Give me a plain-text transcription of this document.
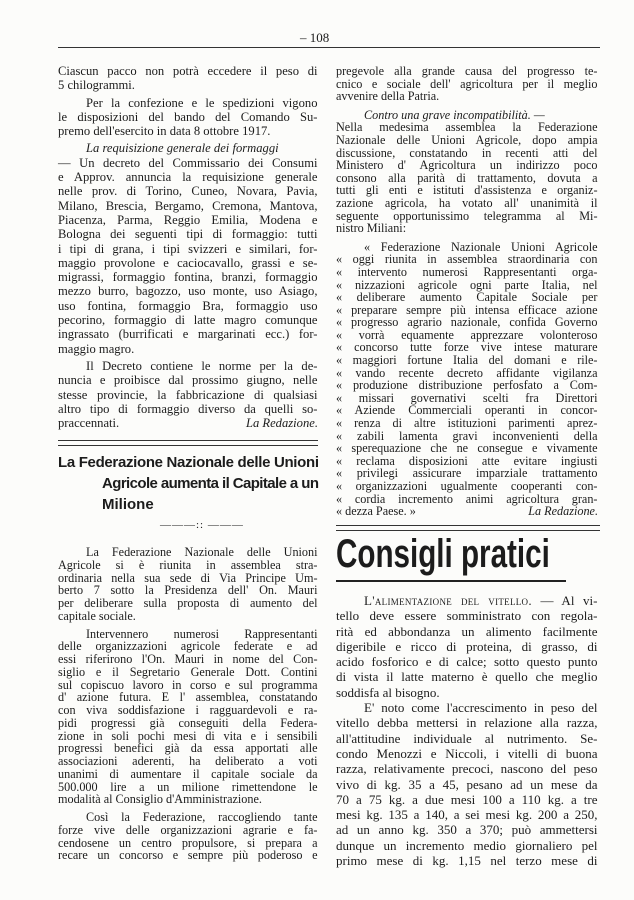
– 108
Ciascun pacco non potrà eccedere il peso di
5 chilogrammi.
Per la confezione e le spedizioni vigono
le disposizioni del bando del Comando Su-
premo dell'esercito in data 8 ottobre 1917.
La requisizione generale dei formaggi
— Un decreto del Commissario dei Consumi
e Approv. annuncia la requisizione generale
nelle prov. di Torino, Cuneo, Novara, Pavia,
Milano, Brescia, Bergamo, Cremona, Mantova,
Piacenza, Parma, Reggio Emilia, Modena e
Bologna dei seguenti tipi di formaggio: tutti
i tipi di grana, i tipi svizzeri e similari, for-
maggio provolone e caciocavallo, grassi e se-
migrassi, formaggio fontina, branzi, formaggio
mezzo burro, bagozzo, uso monte, uso Asiago,
uso fontina, formaggio Bra, formaggio uso
pecorino, formaggio di latte magro comunque
ingrassato (burrificati e margarinati ecc.) for-
maggio magro.
Il Decreto contiene le norme per la de-
nuncia e proibisce dal prossimo giugno, nelle
stesse provincie, la fabbricazione di qualsiasi
altro tipo di formaggio diverso da quelli so-
La Redazione.
praccennati.
La Federazione Nazionale delle Unioni
Agricole aumenta il Capitale a un
Milione
———:: ———
La Federazione Nazionale delle Unioni
Agricole si è riunita in assemblea stra-
ordinaria nella sua sede di Via Principe Um-
berto 7 sotto la Presidenza dell' On. Mauri
per deliberare sulla proposta di aumento del
capitale sociale.
Intervennero numerosi Rappresentanti
delle organizzazioni agricole federate e ad
essi riferirono l'On. Mauri in nome del Con-
siglio e il Segretario Generale Dott. Contini
sul copiscuo lavoro in corso e sul programma
d' azione futura. E l' assemblea, constatando
con viva soddisfazione i ragguardevoli e ra-
pidi progressi già conseguiti della Federa-
zione in soli pochi mesi di vita e i sensibili
progressi benefici già da essa apportati alle
associazioni aderenti, ha deliberato a voti
unanimi di aumentare il capitale sociale da
500.000 lire a un milione rimettendone le
modalità al Consiglio d'Amministrazione.
Così la Federazione, raccogliendo tante
forze vive delle organizzazioni agrarie e fa-
cendosene un centro propulsore, si prepara a
recare un concorso e sempre più poderoso e
pregevole alla grande causa del progresso te-
cnico e sociale dell' agricoltura per il meglio
avvenire della Patria.
Contro una grave incompatibilità. —
Nella medesima assemblea la Federazione
Nazionale delle Unioni Agricole, dopo ampia
discussione, constatando in recenti atti del
Ministero d' Agricoltura un indirizzo poco
consono alla parità di trattamento, dovuta a
tutti gli enti e istituti d'assistenza e organiz-
zazione agricola, ha votato all' unanimità il
seguente opportunissimo telegramma al Mi-
nistro Miliani:
« Federazione Nazionale Unioni Agricole
« oggi riunita in assemblea straordinaria con
« intervento numerosi Rappresentanti orga-
« nizzazioni agricole ogni parte Italia, nel
« deliberare aumento Capitale Sociale per
« preparare sempre più intensa efficace azione
« progresso agrario nazionale, confida Governo
« vorrà equamente apprezzare volonteroso
« concorso tutte forze vive intese maturare
« maggiori fortune Italia del domani e rile-
« vando recente decreto affidante vigilanza
« produzione distribuzione perfosfato a Com-
« missari governativi scelti fra Direttori
« Aziende Commerciali operanti in concor-
« renza di altre istituzioni parimenti aprez-
« zabili lamenta gravi inconvenienti della
« sperequazione che ne consegue e vivamente
« reclama disposizioni atte evitare ingiusti
« privilegi assicurare imparziale trattamento
« organizzazioni ugualmente cooperanti con-
« cordia incremento animi agricoltura gran-
La Redazione.
« dezza Paese. »
Consigli pratici
L'alimentazione del vitello. — Al vi-
tello deve essere somministrato con regola-
rità ed abbondanza un alimento facilmente
digeribile e ricco di proteina, di grasso, di
acido fosforico e di calce; sotto questo punto
di vista il latte materno è quello che meglio
soddisfa al bisogno.
E' noto come l'accrescimento in peso del
vitello debba mettersi in relazione alla razza,
all'attitudine individuale al nutrimento. Se-
condo Menozzi e Niccoli, i vitelli di buona
razza, relativamente precoci, nascono del peso
vivo di kg. 35 a 45, pesano ad un mese da
70 a 75 kg. a due mesi 100 a 110 kg. a tre
mesi kg. 135 a 140, a sei mesi kg. 200 a 250,
ad un anno kg. 350 a 370; può ammettersi
dunque un incremento medio giornaliero pel
primo mese di kg. 1,15 nel terzo mese di
